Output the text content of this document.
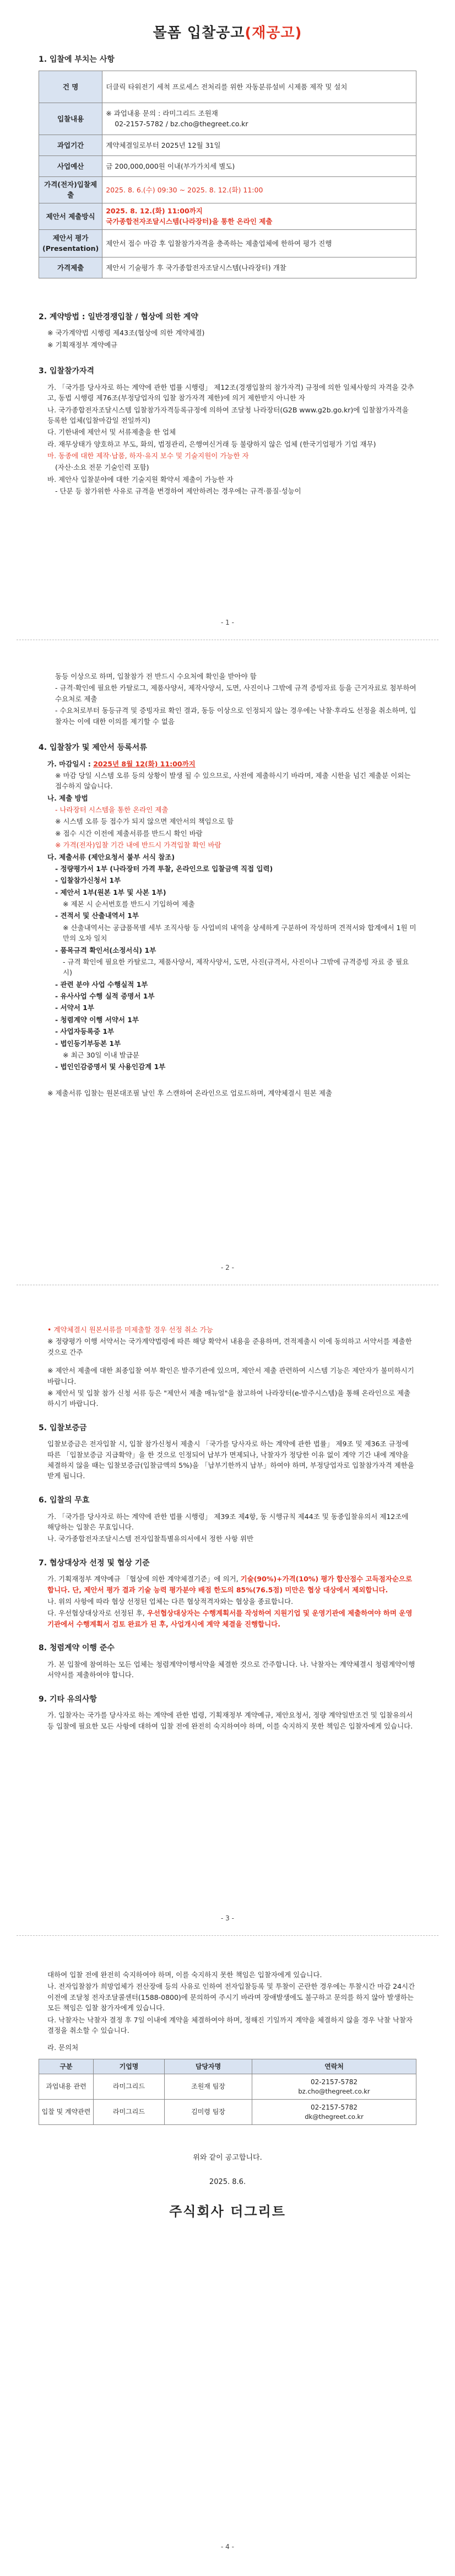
몰폼 입찰공고(재공고)
1. 입찰에 부치는 사항
건 명	더클릭 타워전기 세척 프로세스 전처리를 위한 자동분류설비 시제품 제작 및 설치
입찰내용	※ 과업내용 문의 : 라미그리드 조원재
02-2157-5782 / bz.cho@thegreet.co.kr

과업기간	계약체결일로부터 2025년 12월 31일
사업예산	금 200,000,000원 이내(부가가치세 별도)
가격(전자)입찰제출	2025. 8. 6.(수) 09:30 ~ 2025. 8. 12.(화) 11:00
제안서 제출방식	2025. 8. 12.(화) 11:00까지
국가종합전자조달시스템(나라장터)을 통한 온라인 제출

제안서 평가 (Presentation)	제안서 접수 마감 후 입찰참가자격을 충족하는 제출업체에 한하여 평가 진행
가격제출	제안서 기술평가 후 국가종합전자조달시스템(나라장터) 개찰
2. 계약방법 : 일반경쟁입찰 / 협상에 의한 계약
※ 국가계약법 시행령 제43조(협상에 의한 계약체결)
※ 기획재정부 계약예규
3. 입찰참가자격
가. 「국가를 당사자로 하는 계약에 관한 법률 시행령」 제12조(경쟁입찰의 참가자격) 규정에 의한 일체사항의 자격을 갖추고, 동법 시행령 제76조(부정당업자의 입찰 참가자격 제한)에 의거 제한받지 아니한 자
나. 국가종합전자조달시스템 입찰참가자격등록규정에 의하여 조달청 나라장터(G2B www.g2b.go.kr)에 입찰참가자격을 등록한 업체(입찰마감일 전일까지)
다. 기한내에 제안서 및 서류제출을 한 업체
라. 재무상태가 양호하고 부도, 화의, 법정관리, 은행여신거래 등 불량하지 않은 업체 (한국기업평가 기업 재무)
마. 동종에 대한 제작·납품, 하자·유지 보수 및 기술지원이 가능한 자
(자산·소요 전문 기술인력 포함)
바. 제안사 입찰분야에 대한 기술지원 확약서 제출이 가능한 자
- 단분 등 참가위한 사유로 규격을 변경하여 제안하려는 경우에는 규격·품질·성능이
- 1 -
동등 이상으로 하며, 입찰참가 전 반드시 수요처에 확인을 받아야 함
- 규격·확인에 필요한 카탈로그, 제품사양서, 제작사양서, 도면, 사진이나 그밖에 규격 증빙자료 등을 근거자료로 첨부하여 수요처로 제출
- 수요처로부터 동등규격 및 증빙자료 확인 결과, 동등 이상으로 인정되지 않는 경우에는 낙찰·후라도 선정을 취소하며, 입찰자는 이에 대한 이의를 제기할 수 없음
4. 입찰참가 및 제안서 등록서류
가. 마감일시 : 2025년 8월 12(화) 11:00까지
※ 마감 당일 시스템 오류 등의 상황이 발생 될 수 있으므로, 사전에 제출하시기 바라며, 제출 시한을 넘긴 제출분 이외는 접수하지 않습니다.
나. 제출 방법
- 나라장터 시스템을 통한 온라인 제출
※ 시스템 오류 등 접수가 되지 않으면 제안서의 책임으로 함
※ 접수 시간 이전에 제출서류를 반드시 확인 바람
※ 가격(전자)입찰 기간 내에 반드시 가격입찰 확인 바람
다. 제출서류 (제안요청서 붙부 서식 참조)
- 정량평가서 1부 (나라장터 가격 투찰, 온라인으로 입찰금액 직접 입력)
- 입찰참가신청서 1부
- 제안서 1부(원본 1부 및 사본 1부)
※ 제본 시 순서번호를 반드시 기입하여 제출
- 견적서 및 산출내역서 1부
※ 산출내역서는 공급품목별 세부 조직사항 등 사업비의 내역을 상세하게 구분하여 작성하며 견적서와 합계에서 1원 미만의 오차 일치
- 품목규격 확인서(소정서식) 1부
- 규격 확인에 필요한 카탈로그, 제품사양서, 제작사양서, 도면, 사진(규격서, 사진이나 그밖에 규격증빙 자료 중 필요시)
- 관련 분야 사업 수행실적 1부
- 유사사업 수행 실적 증명서 1부
- 서약서 1부
- 청렴계약 이행 서약서 1부
- 사업자등록증 1부
- 법인등기부등본 1부
※ 최근 30일 이내 발급분
- 법인인감증명서 및 사용인감계 1부
※ 제출서류 입찰는 원본대조필 날인 후 스캔하여 온라인으로 업로드하며, 계약체결시 원본 제출
- 2 -
• 계약체결시 원본서류를 미제출할 경우 선정 취소 가능
※ 정량평가 이행 서약서는 국가계약법령에 따른 해당 확약서 내용을 준용하며, 견적제출시 이에 동의하고 서약서를 제출한 것으로 간주
※ 제안서 제출에 대한 최종입찰 여부 확인은 발주기관에 있으며, 제안서 제출 관련하여 시스템 기능은 제안자가 불미하시기 바랍니다.
※ 제안서 및 입찰 참가 신청 서류 등은 "제안서 제출 매뉴얼"을 참고하여 나라장터(e-발주시스템)을 통해 온라인으로 제출하시기 바랍니다.
5. 입찰보증금
입찰보증금은 전자입찰 시, 입찰 참가신청서 제출시 「국가를 당사자로 하는 계약에 관한 법률」 제9조 및 제36조 규정에 따른 「입찰보증금 지급확약」을 한 것으로 인정되어 납부가 면제되나, 낙찰자가 정당한 이유 없이 계약 기간 내에 계약을 체결하지 않을 때는 입찰보증금(입찰금액의 5%)을 「납부기한까지 납부」하여야 하며, 부정당업자로 입찰참가자격 제한을 받게 됩니다.
6. 입찰의 무효
가. 「국가를 당사자로 하는 계약에 관한 법률 시행령」 제39조 제4항, 동 시행규칙 제44조 및 동종입찰유의서 제12조에 해당하는 입찰은 무효입니다.
나. 국가종합전자조달시스템 전자입찰특별유의서에서 정한 사항 위반
7. 협상대상자 선정 및 협상 기준
가. 기획재정부 계약예규 「협상에 의한 계약체결기준」에 의거, 기술(90%)+가격(10%) 평가 합산점수 고득점자순으로 합니다. 단, 제안서 평가 결과 기술 능력 평가분야 배점 한도의 85%(76.5점) 미만은 협상 대상에서 제외합니다.
나. 위의 사항에 따라 협상 선정된 업체는 다른 협상적격자와는 협상을 종료합니다.
다. 우선협상대상자로 선정된 후, 우선협상대상자는 수행계획서를 작성하여 지원기업 및 운영기관에 제출하여야 하며 운영기관에서 수행계획서 검토 완료가 된 후, 사업개시에 계약 체결을 진행합니다.
8. 청렴계약 이행 준수
가. 본 입찰에 참여하는 모든 업체는 청렴계약이행서약을 체결한 것으로 간주합니다. 나. 낙찰자는 계약체결시 청렴계약이행서약서를 제출하여야 합니다.
9. 기타 유의사항
가. 입찰자는 국가를 당사자로 하는 계약에 관한 법령, 기획재정부 계약예규, 제안요청서, 정량 계약일반조건 및 입찰유의서 등 입찰에 필요한 모든 사항에 대하여 입찰 전에 완전히 숙지하여야 하며, 이를 숙지하지 못한 책임은 입찰자에게 있습니다.
- 3 -
대하여 입찰 전에 완전히 숙지하여야 하며, 이를 숙지하지 못한 책임은 입찰자에게 있습니다.
나. 전자입찰참가 희망업체가 전산장애 등의 사유로 인하여 전자입찰등록 및 투찰이 곤란한 경우에는 투찰시간 마감 24시간 이전에 조달청 전자조달콜센터(1588-0800)에 문의하여 주시기 바라며 장애발생에도 불구하고 문의를 하지 않아 발생하는 모든 책임은 입찰 참가자에게 있습니다.
다. 낙찰자는 낙찰자 결정 후 7일 이내에 계약을 체결하여야 하며, 정해진 기일까지 계약을 체결하지 않을 경우 낙찰 낙찰자 결정을 취소할 수 있습니다.
라. 문의처
구분	기업명	담당자명	연락처
과업내용 관련	라미그리드	조원재 팀장	02-2157-5782
bz.cho@thegreet.co.kr

입찰 및 계약관련	라미그리드	김미령 팀장	02-2157-5782
dk@thegreet.co.kr
위와 같이 공고합니다.
2025. 8.6.
주식회사 더그리트
- 4 -
